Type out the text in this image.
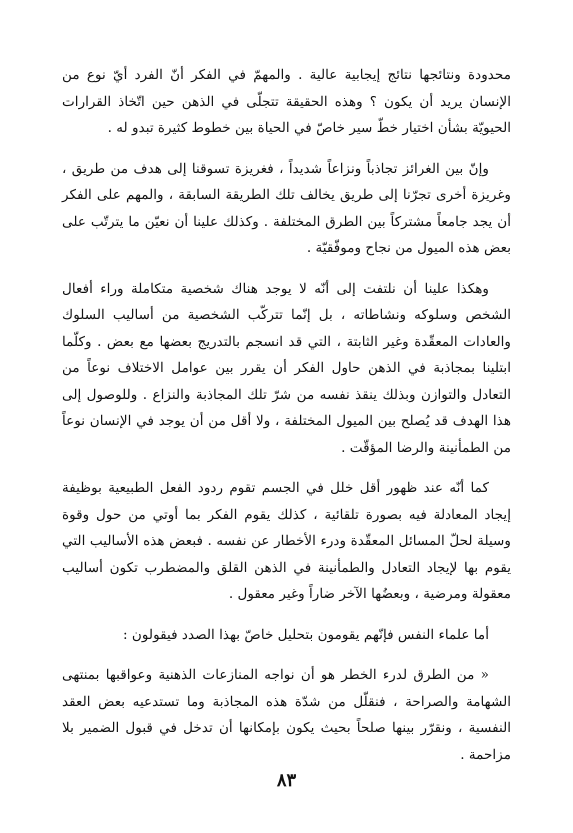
محدودة ونتائجها نتائج إيجابية عالية . والمهمّ في الفكر أنّ الفرد أيّ نوع من الإنسان يريد أن يكون ؟ وهذه الحقيقة تتجلّى في الذهن حين اتّخاذ القرارات الحيويّة بشأن اختيار خطّ سير خاصّ في الحياة بين خطوط كثيرة تبدو له .

وإنّ بين الغرائز تجاذباً ونزاعاً شديداً ، فغريزة تسوقنا إلى هدف من طريق ، وغريزة أخرى تجرّنا إلى طريق يخالف تلك الطريقة السابقة ، والمهم على الفكر أن يجد جامعاً مشتركاً بين الطرق المختلفة . وكذلك علينا أن نعيّن ما يترتّب على بعض هذه الميول من نجاح وموفّقيّة .

وهكذا علينا أن نلتفت إلى أنّه لا يوجد هناك شخصية متكاملة وراء أفعال الشخص وسلوكه ونشاطاته ، بل إنّما تتركّب الشخصية من أساليب السلوك والعادات المعقّدة وغير الثابتة ، التي قد انسجم بالتدريج بعضها مع بعض . وكلّما ابتلينا بمجاذبة في الذهن حاول الفكر أن يقرر بين عوامل الاختلاف نوعاً من التعادل والتوازن وبذلك ينقذ نفسه من شرّ تلك المجاذبة والنزاع . وللوصول إلى هذا الهدف قد يُصلح بين الميول المختلفة ، ولا أقل من أن يوجد في الإنسان نوعاً من الطمأنينة والرضا المؤقّت .

كما أنّه عند ظهور أقل خلل في الجسم تقوم ردود الفعل الطبيعية بوظيفة إيجاد المعادلة فيه بصورة تلقائية ، كذلك يقوم الفكر بما أوتي من حول وقوة وسيلة لحلّ المسائل المعقّدة ودرء الأخطار عن نفسه . فبعض هذه الأساليب التي يقوم بها لإيجاد التعادل والطمأنينة في الذهن القلق والمضطرب تكون أساليب معقولة ومرضية ، وبعضُها الآخر ضاراً وغير معقول .

أما علماء النفس فإنّهم يقومون بتحليل خاصّ بهذا الصدد فيقولون :

« من الطرق لدرء الخطر هو أن نواجه المنازعات الذهنية وعواقبها بمنتهى الشهامة والصراحة ، فنقلّل من شدّة هذه المجاذبة وما تستدعيه بعض العقد النفسية ، ونقرّر بينها صلحاً بحيث يكون بإمكانها أن تدخل في قبول الضمير بلا مزاحمة .

٨٣
